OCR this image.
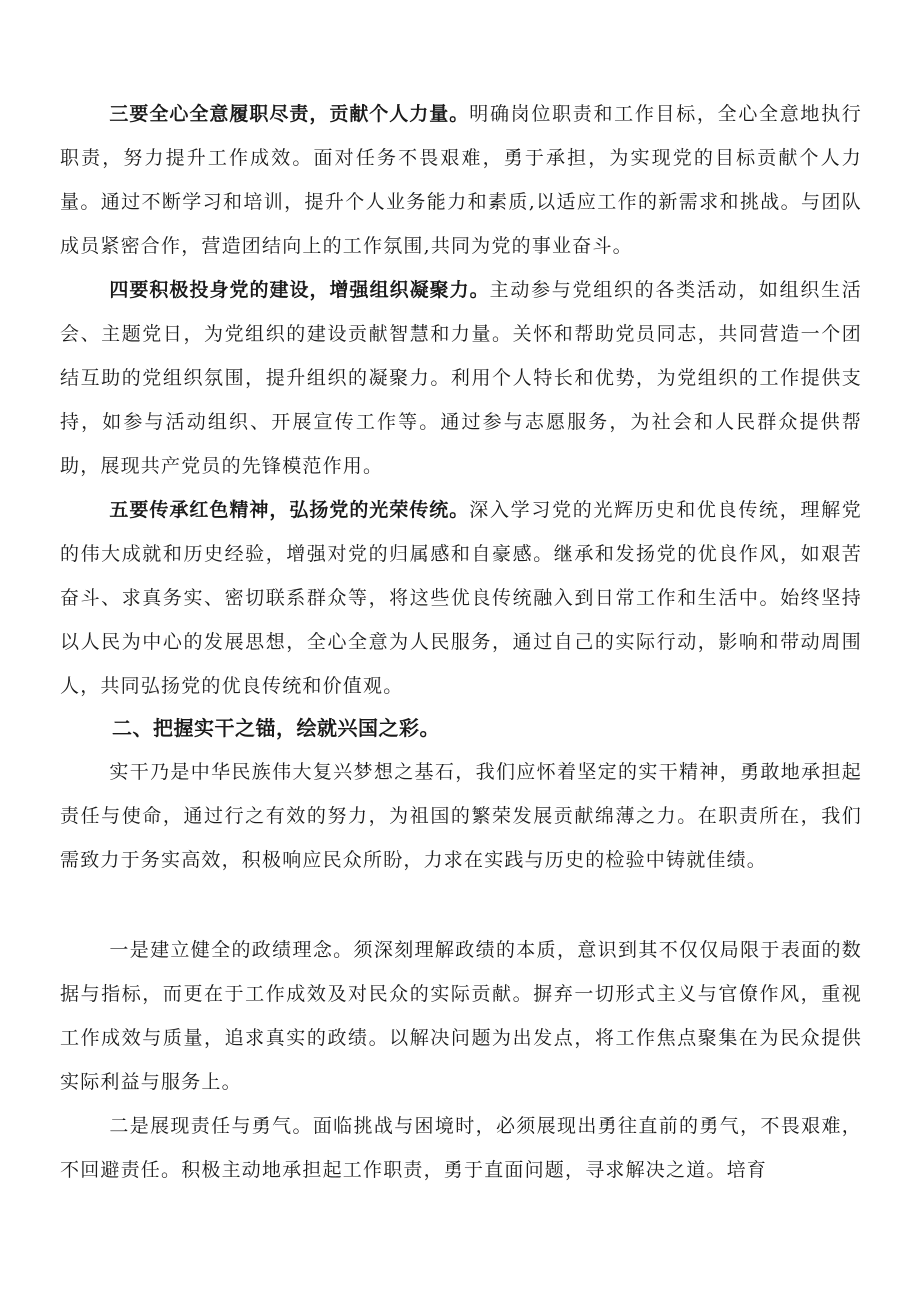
三要全心全意履职尽责，贡献个人力量。明确岗位职责和工作目标，全心全意地执行职责，努力提升工作成效。面对任务不畏艰难，勇于承担，为实现党的目标贡献个人力量。通过不断学习和培训，提升个人业务能力和素质,以适应工作的新需求和挑战。与团队成员紧密合作，营造团结向上的工作氛围,共同为党的事业奋斗。

四要积极投身党的建设，增强组织凝聚力。主动参与党组织的各类活动，如组织生活会、主题党日，为党组织的建设贡献智慧和力量。关怀和帮助党员同志，共同营造一个团结互助的党组织氛围，提升组织的凝聚力。利用个人特长和优势，为党组织的工作提供支持，如参与活动组织、开展宣传工作等。通过参与志愿服务，为社会和人民群众提供帮助，展现共产党员的先锋模范作用。

五要传承红色精神，弘扬党的光荣传统。深入学习党的光辉历史和优良传统，理解党的伟大成就和历史经验，增强对党的归属感和自豪感。继承和发扬党的优良作风，如艰苦奋斗、求真务实、密切联系群众等，将这些优良传统融入到日常工作和生活中。始终坚持以人民为中心的发展思想，全心全意为人民服务，通过自己的实际行动，影响和带动周围人，共同弘扬党的优良传统和价值观。

二、把握实干之锚，绘就兴国之彩。

实干乃是中华民族伟大复兴梦想之基石，我们应怀着坚定的实干精神，勇敢地承担起责任与使命，通过行之有效的努力，为祖国的繁荣发展贡献绵薄之力。在职责所在，我们需致力于务实高效，积极响应民众所盼，力求在实践与历史的检验中铸就佳绩。

一是建立健全的政绩理念。须深刻理解政绩的本质，意识到其不仅仅局限于表面的数据与指标，而更在于工作成效及对民众的实际贡献。摒弃一切形式主义与官僚作风，重视工作成效与质量，追求真实的政绩。以解决问题为出发点，将工作焦点聚集在为民众提供实际利益与服务上。

二是展现责任与勇气。面临挑战与困境时，必须展现出勇往直前的勇气，不畏艰难，不回避责任。积极主动地承担起工作职责，勇于直面问题，寻求解决之道。培育
